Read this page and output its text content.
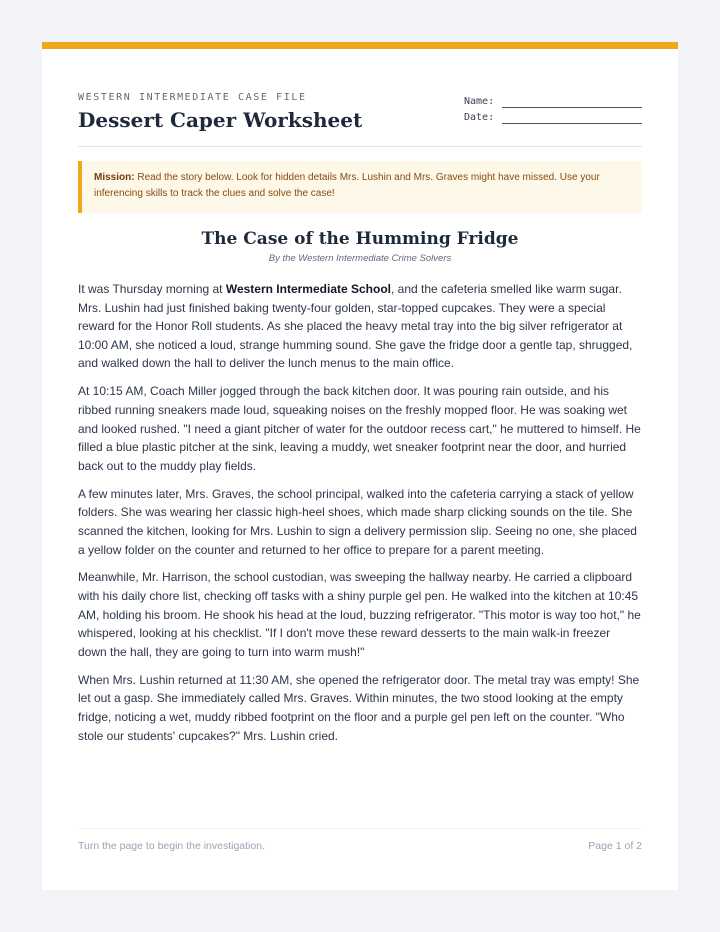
WESTERN INTERMEDIATE CASE FILE
Dessert Caper Worksheet
Name:
Date:
Mission: Read the story below. Look for hidden details Mrs. Lushin and Mrs. Graves might have missed. Use your inferencing skills to track the clues and solve the case!
The Case of the Humming Fridge
By the Western Intermediate Crime Solvers

It was Thursday morning at Western Intermediate School, and the cafeteria smelled like warm sugar. Mrs. Lushin had just finished baking twenty-four golden, star-topped cupcakes. They were a special reward for the Honor Roll students. As she placed the heavy metal tray into the big silver refrigerator at 10:00 AM, she noticed a loud, strange humming sound. She gave the fridge door a gentle tap, shrugged, and walked down the hall to deliver the lunch menus to the main office.

At 10:15 AM, Coach Miller jogged through the back kitchen door. It was pouring rain outside, and his ribbed running sneakers made loud, squeaking noises on the freshly mopped floor. He was soaking wet and looked rushed. "I need a giant pitcher of water for the outdoor recess cart," he muttered to himself. He filled a blue plastic pitcher at the sink, leaving a muddy, wet sneaker footprint near the door, and hurried back out to the muddy play fields.

A few minutes later, Mrs. Graves, the school principal, walked into the cafeteria carrying a stack of yellow folders. She was wearing her classic high-heel shoes, which made sharp clicking sounds on the tile. She scanned the kitchen, looking for Mrs. Lushin to sign a delivery permission slip. Seeing no one, she placed a yellow folder on the counter and returned to her office to prepare for a parent meeting.

Meanwhile, Mr. Harrison, the school custodian, was sweeping the hallway nearby. He carried a clipboard with his daily chore list, checking off tasks with a shiny purple gel pen. He walked into the kitchen at 10:45 AM, holding his broom. He shook his head at the loud, buzzing refrigerator. "This motor is way too hot," he whispered, looking at his checklist. "If I don't move these reward desserts to the main walk-in freezer down the hall, they are going to turn into warm mush!"

When Mrs. Lushin returned at 11:30 AM, she opened the refrigerator door. The metal tray was empty! She let out a gasp. She immediately called Mrs. Graves. Within minutes, the two stood looking at the empty fridge, noticing a wet, muddy ribbed footprint on the floor and a purple gel pen left on the counter. "Who stole our students' cupcakes?" Mrs. Lushin cried.

Turn the page to begin the investigation.	Page 1 of 2
